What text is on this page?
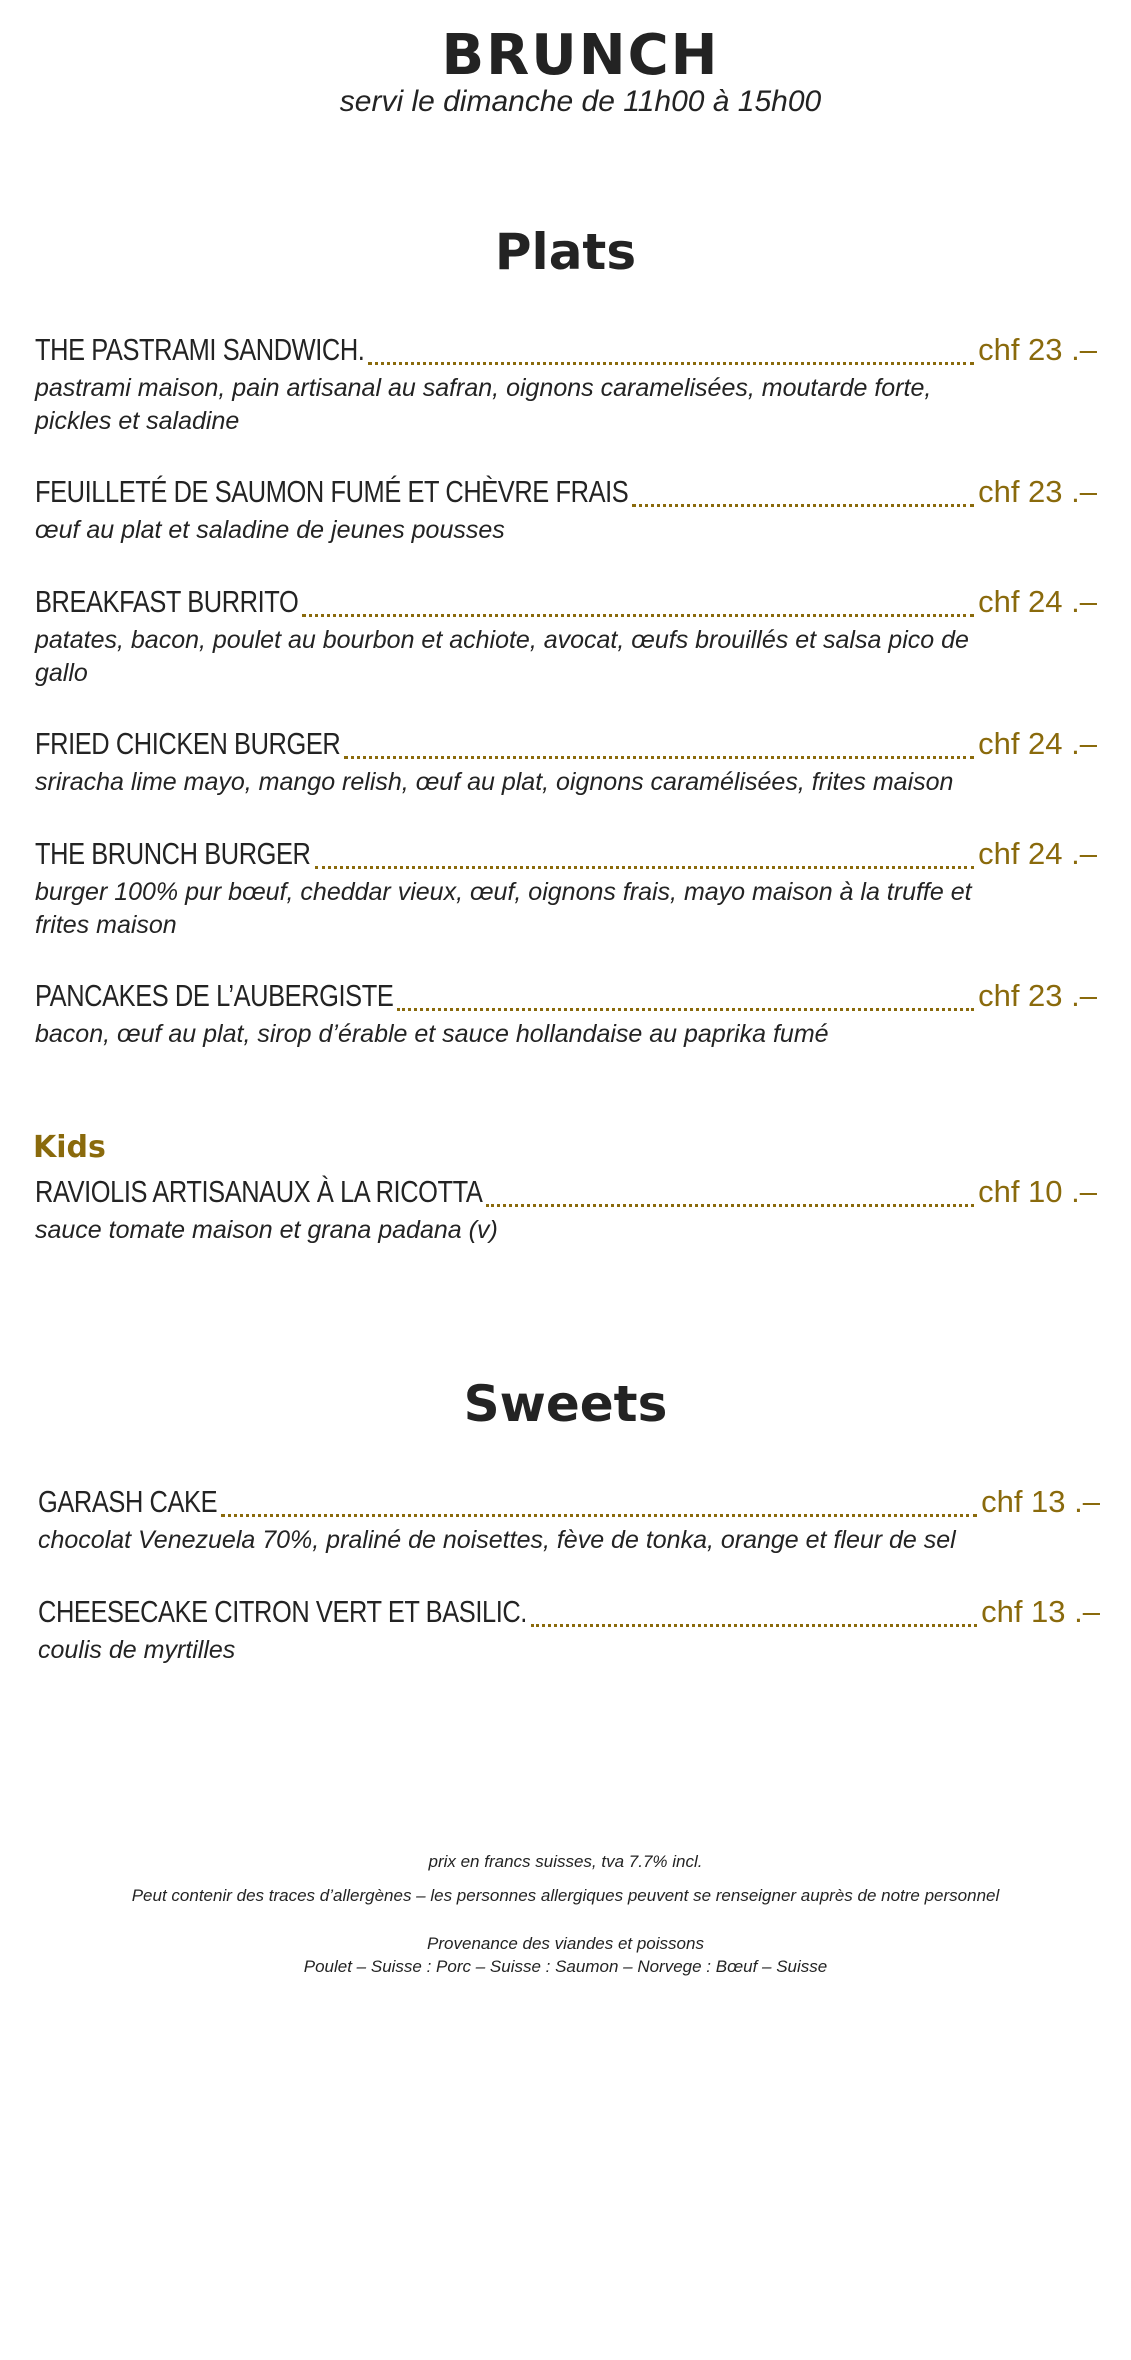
BRUNCH
servi le dimanche de 11h00 à 15h00
Plats
THE PASTRAMI SANDWICH.	chf 23 .–
pastrami maison, pain artisanal au safran, oignons caramelisées, moutarde forte, pickles et saladine
FEUILLETÉ DE SAUMON FUMÉ ET CHÈVRE FRAIS	chf 23 .–
œuf au plat et saladine de jeunes pousses
BREAKFAST BURRITO	chf 24 .–
patates, bacon, poulet au bourbon et achiote, avocat, œufs brouillés et salsa pico de gallo
FRIED CHICKEN BURGER	chf 24 .–
sriracha lime mayo, mango relish, œuf au plat, oignons caramélisées, frites maison
THE BRUNCH BURGER	chf 24 .–
burger 100% pur bœuf, cheddar vieux, œuf, oignons frais, mayo maison à la truffe et frites maison
PANCAKES DE L’AUBERGISTE	chf 23 .–
bacon, œuf au plat, sirop d’érable et sauce hollandaise au paprika fumé
Kids
RAVIOLIS ARTISANAUX À LA RICOTTA	chf 10 .–
sauce tomate maison et grana padana (v)
Sweets
GARASH CAKE	chf 13 .–
chocolat Venezuela 70%, praliné de noisettes, fève de tonka, orange et fleur de sel
CHEESECAKE CITRON VERT ET BASILIC.	chf 13 .–
coulis de myrtilles
prix en francs suisses, tva 7.7% incl.
Peut contenir des traces d’allergènes – les personnes allergiques peuvent se renseigner auprès de notre personnel
Provenance des viandes et poissons
Poulet – Suisse : Porc – Suisse : Saumon – Norvege : Bœuf – Suisse
